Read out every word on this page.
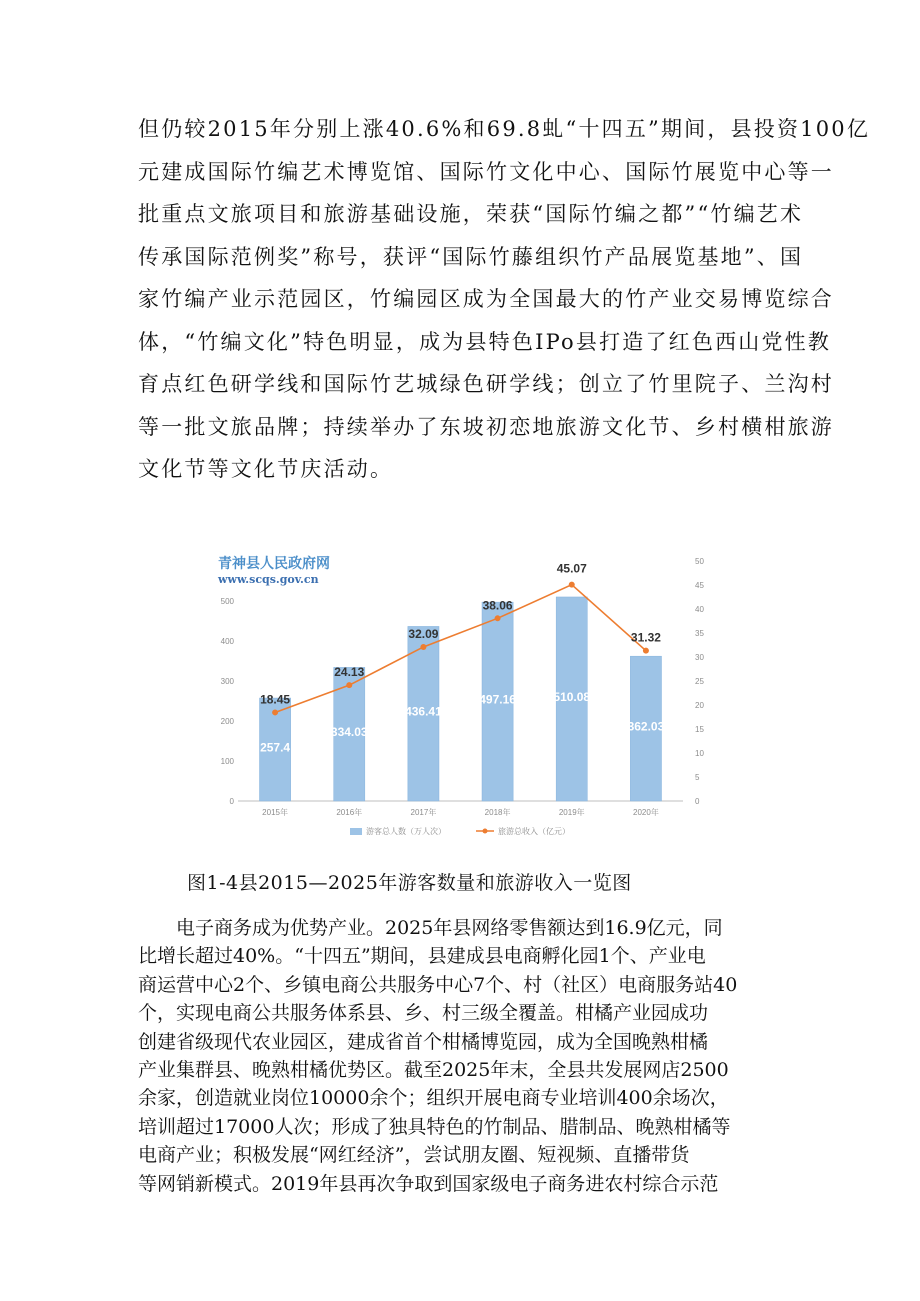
但仍较2015年分别上涨40.6%和69.8虬“十四五”期间，县投资100亿
元建成国际竹编艺术博览馆、国际竹文化中心、国际竹展览中心等一
批重点文旅项目和旅游基础设施，荣获“国际竹编之都”“竹编艺术
传承国际范例奖”称号，获评“国际竹藤组织竹产品展览基地”、国
家竹编产业示范园区，竹编园区成为全国最大的竹产业交易博览综合
体，“竹编文化”特色明显，成为县特色IPo县打造了红色西山党性教
育点红色研学线和国际竹艺城绿色研学线；创立了竹里院子、兰沟村
等一批文旅品牌；持续举办了东坡初恋地旅游文化节、乡村横柑旅游
文化节等文化节庆活动。

青神县人民政府网
www.scqs.gov.cn
0
100
200
300
400
500
0
5
10
15
20
25
30
35
40
45
50
2015年
257.4
2016年
334.03
2017年
436.41
2018年
497.16
2019年
510.08
2020年
362.03
18.45
24.13
32.09
38.06
45.07
31.32
游客总人数（万人次）	旅游总收入（亿元）

图1-4县2015—2025年游客数量和旅游收入一览图

　　电子商务成为优势产业。2025年县网络零售额达到16.9亿元，同
比增长超过40%。“十四五”期间，县建成县电商孵化园1个、产业电
商运营中心2个、乡镇电商公共服务中心7个、村（社区）电商服务站40
个，实现电商公共服务体系县、乡、村三级全覆盖。柑橘产业园成功
创建省级现代农业园区，建成省首个柑橘博览园，成为全国晚熟柑橘
产业集群县、晚熟柑橘优势区。截至2025年末，全县共发展网店2500
余家，创造就业岗位10000余个；组织开展电商专业培训400余场次，
培训超过17000人次；形成了独具特色的竹制品、腊制品、晚熟柑橘等
电商产业；积极发展“网红经济”，尝试朋友圈、短视频、直播带货
等网销新模式。2019年县再次争取到国家级电子商务进农村综合示范
